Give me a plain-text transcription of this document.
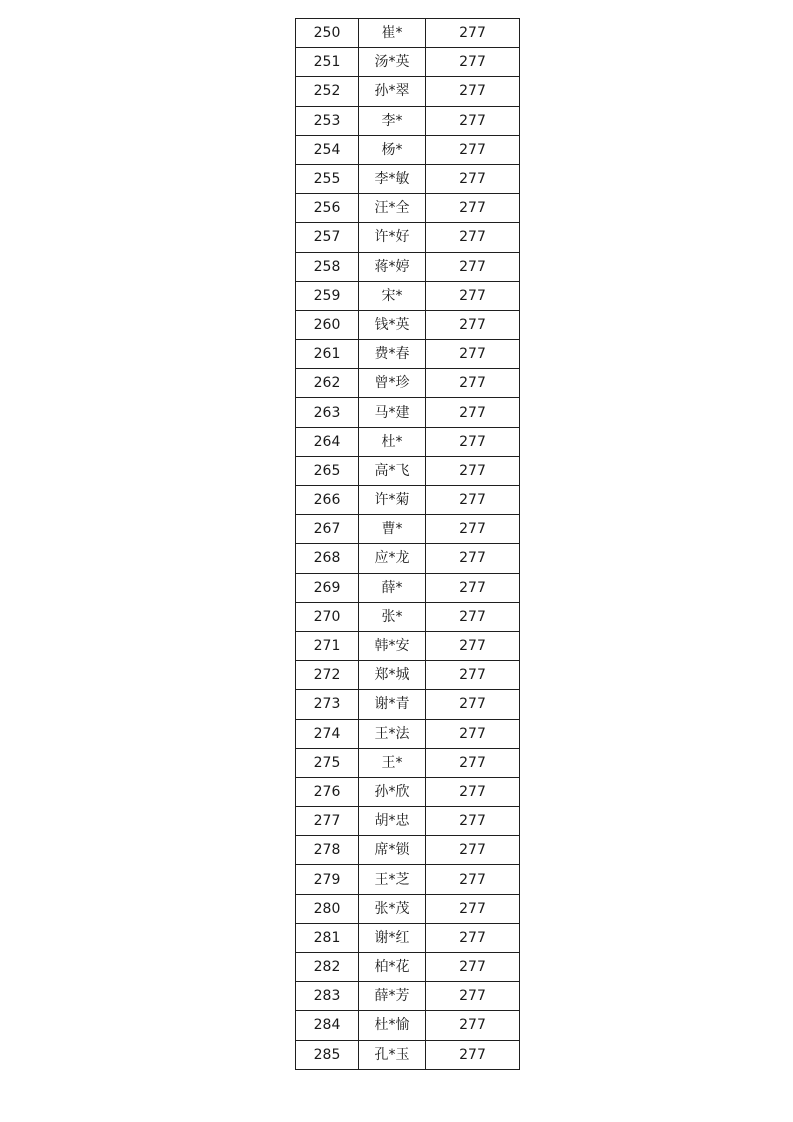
250	崔*	277
251	汤*英	277
252	孙*翠	277
253	李*	277
254	杨*	277
255	李*敏	277
256	汪*全	277
257	许*好	277
258	蒋*婷	277
259	宋*	277
260	钱*英	277
261	费*春	277
262	曾*珍	277
263	马*建	277
264	杜*	277
265	高*飞	277
266	许*菊	277
267	曹*	277
268	应*龙	277
269	薛*	277
270	张*	277
271	韩*安	277
272	郑*城	277
273	谢*青	277
274	王*法	277
275	王*	277
276	孙*欣	277
277	胡*忠	277
278	席*锁	277
279	王*芝	277
280	张*茂	277
281	谢*红	277
282	柏*花	277
283	薛*芳	277
284	杜*愉	277
285	孔*玉	277
